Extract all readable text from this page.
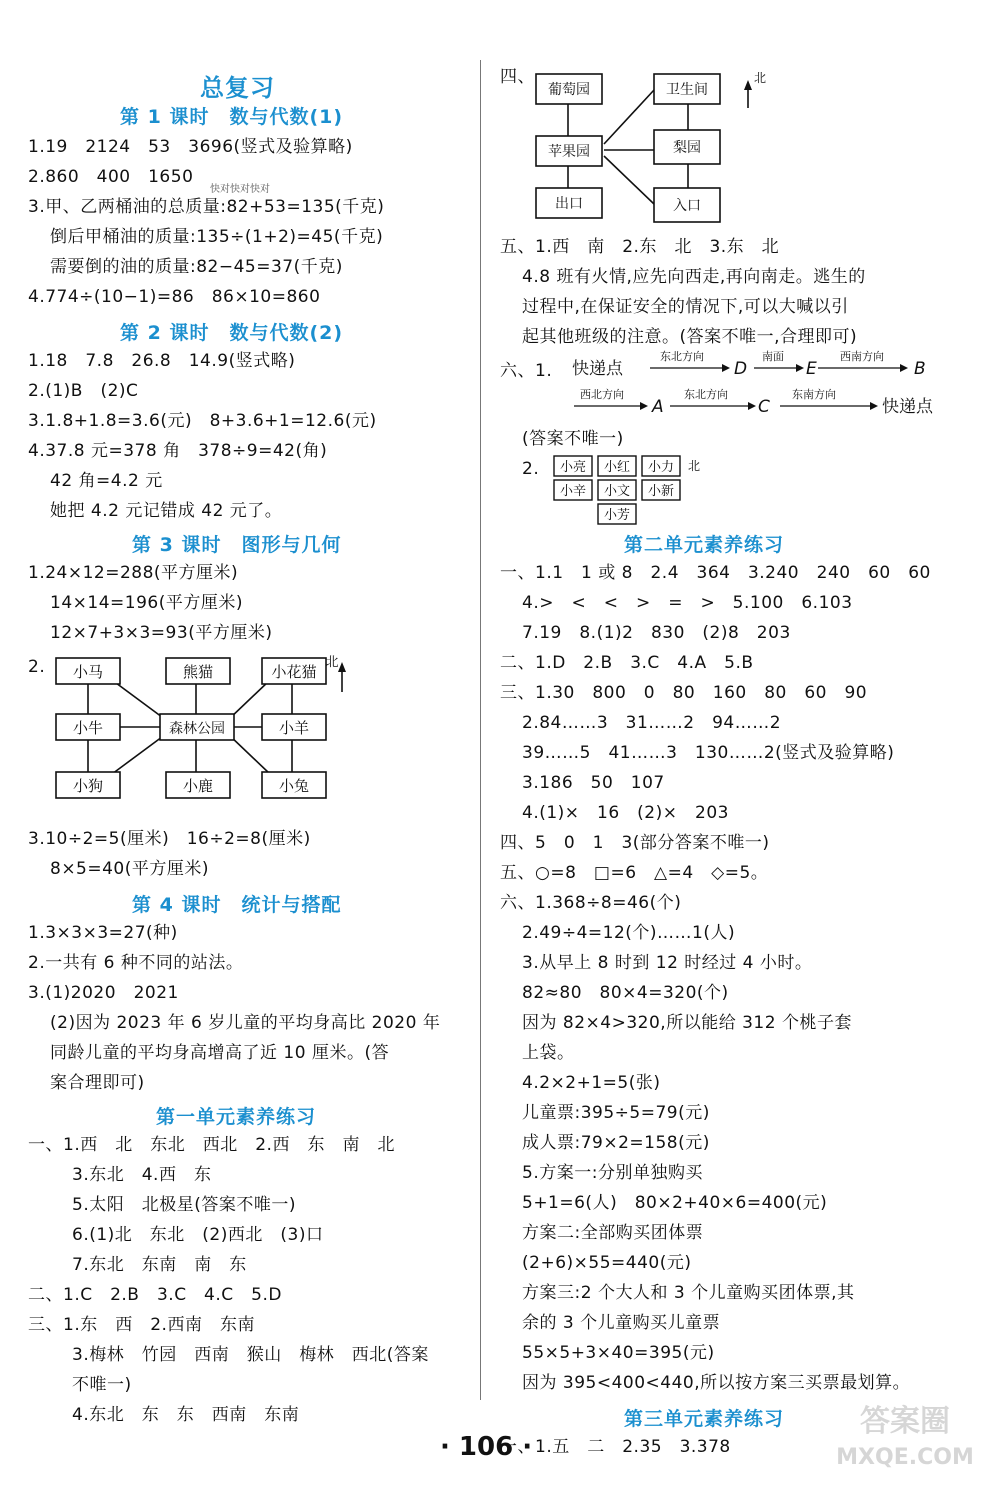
总复习
第 1 课时　数与代数(1)
1.19　2124　53　3696(竖式及验算略)
2.860　400　1650
快对快对快对
3.甲、乙两桶油的总质量:82+53=135(千克)
倒后甲桶油的质量:135÷(1+2)=45(千克)
需要倒的油的质量:82−45=37(千克)
4.774÷(10−1)=86　86×10=860
第 2 课时　数与代数(2)
1.18　7.8　26.8　14.9(竖式略)
2.(1)B　(2)C
3.1.8+1.8=3.6(元)　8+3.6+1=12.6(元)
4.37.8 元=378 角　378÷9=42(角)
42 角=4.2 元
她把 4.2 元记错成 42 元了。
第 3 课时　图形与几何
1.24×12=288(平方厘米)
14×14=196(平方厘米)
12×7+3×3=93(平方厘米)
2. 小马	熊猫	小花猫
小牛	森林公园	小羊
小狗	小鹿	小兔
北
3.10÷2=5(厘米)　16÷2=8(厘米)
8×5=40(平方厘米)
第 4 课时　统计与搭配
1.3×3×3=27(种)
2.一共有 6 种不同的站法。
3.(1)2020　2021
(2)因为 2023 年 6 岁儿童的平均身高比 2020 年
同龄儿童的平均身高增高了近 10 厘米。(答
案合理即可)
第一单元素养练习
一、1.西　北　东北　西北　2.西　东　南　北
3.东北　4.西　东
5.太阳　北极星(答案不唯一)
6.(1)北　东北　(2)西北　(3)口
7.东北　东南　南　东
二、1.C　2.B　3.C　4.C　5.D
三、1.东　西　2.西南　东南
3.梅林　竹园　西南　猴山　梅林　西北(答案
不唯一)
4.东北　东　东　西南　东南
四、
葡萄园	卫生间
苹果园	梨园
出口	入口
北
五、1.西　南　2.东　北　3.东　北
4.8 班有火情,应先向西走,再向南走。逃生的
过程中,在保证安全的情况下,可以大喊以引
起其他班级的注意。(答案不唯一,合理即可)
六、1. 快递点
东北方向
D
南面
E
西南方向
B
西北方向
A
东北方向
C
东南方向
快递点
(答案不唯一)
2. 小亮 小红 小力 北
小辛 小文 小新
小芳
第二单元素养练习
一、1.1　1 或 8　2.4　364　3.240　240　60　60
4.>　<　<　>　=　>　5.100　6.103
7.19　8.(1)2　830　(2)8　203
二、1.D　2.B　3.C　4.A　5.B
三、1.30　800　0　80　160　80　60　90
2.84……3　31……2　94……2
39……5　41……3　130……2(竖式及验算略)
3.186　50　107
4.(1)×　16　(2)×　203
四、5　0　1　3(部分答案不唯一)
五、○=8　□=6　△=4　◇=5。
六、1.368÷8=46(个)
2.49÷4=12(个)……1(人)
3.从早上 8 时到 12 时经过 4 小时。
82≈80　80×4=320(个)
因为 82×4>320,所以能给 312 个桃子套
上袋。
4.2×2+1=5(张)
儿童票:395÷5=79(元)
成人票:79×2=158(元)
5.方案一:分别单独购买
5+1=6(人)　80×2+40×6=400(元)
方案二:全部购买团体票
(2+6)×55=440(元)
方案三:2 个大人和 3 个儿童购买团体票,其
余的 3 个儿童购买儿童票
55×5+3×40=395(元)
因为 395<400<440,所以按方案三买票最划算。
第三单元素养练习
一、1.五　二　2.35　3.378
· 106 ·
答案圈
MXQE.COM
